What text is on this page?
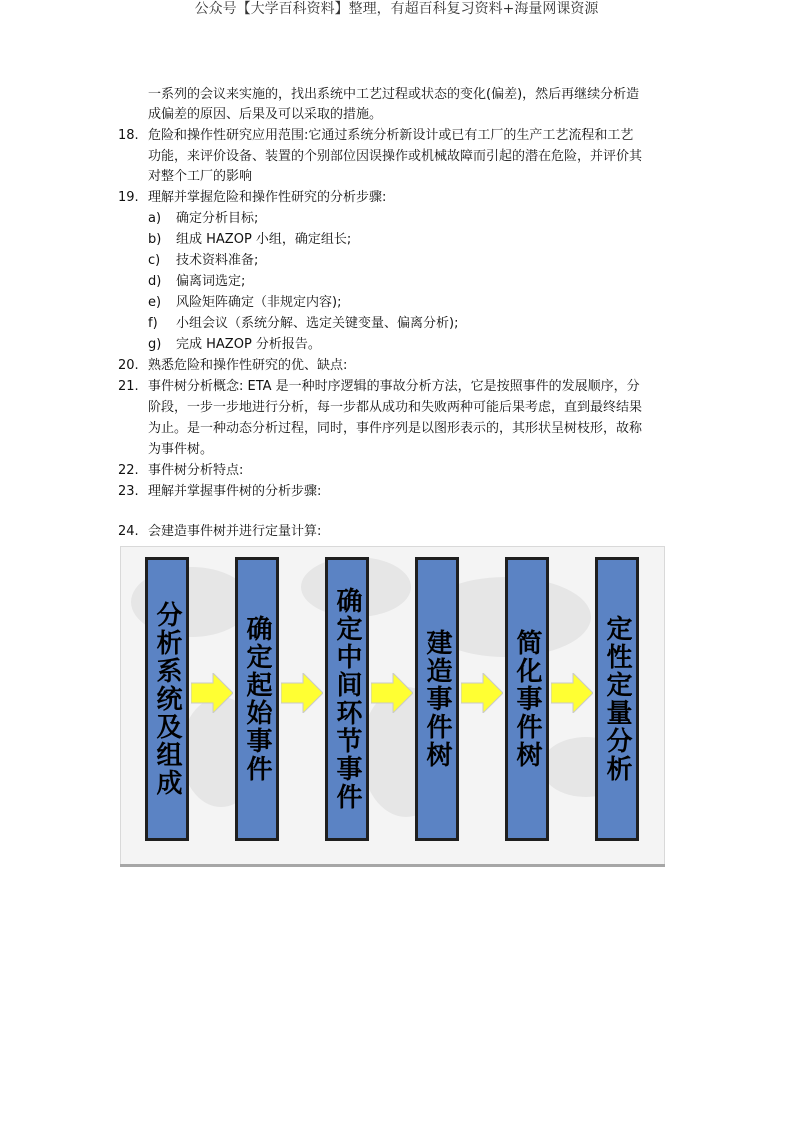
公众号【大学百科资料】整理，有超百科复习资料+海量网课资源
一系列的会议来实施的，找出系统中工艺过程或状态的变化(偏差)，然后再继续分析造
成偏差的原因、后果及可以采取的措施。
18. 危险和操作性研究应用范围:它通过系统分析新设计或已有工厂的生产工艺流程和工艺
功能，来评价设备、装置的个别部位因误操作或机械故障而引起的潜在危险，并评价其
对整个工厂的影响
19. 理解并掌握危险和操作性研究的分析步骤:
a) 确定分析目标;
b) 组成 HAZOP 小组，确定组长;
c) 技术资料准备;
d) 偏离词选定;
e) 风险矩阵确定（非规定内容);
f) 小组会议（系统分解、选定关键变量、偏离分析);
g) 完成 HAZOP 分析报告。
20. 熟悉危险和操作性研究的优、缺点:
21. 事件树分析概念: ETA 是一种时序逻辑的事故分析方法，它是按照事件的发展顺序，分
阶段，一步一步地进行分析，每一步都从成功和失败两种可能后果考虑，直到最终结果
为止。是一种动态分析过程，同时，事件序列是以图形表示的，其形状呈树枝形，故称
为事件树。
22. 事件树分析特点:
23. 理解并掌握事件树的分析步骤:
24. 会建造事件树并进行定量计算:
分析系统及组成 确定起始事件 确定中间环节事件 建造事件树 简化事件树 定性定量分析
